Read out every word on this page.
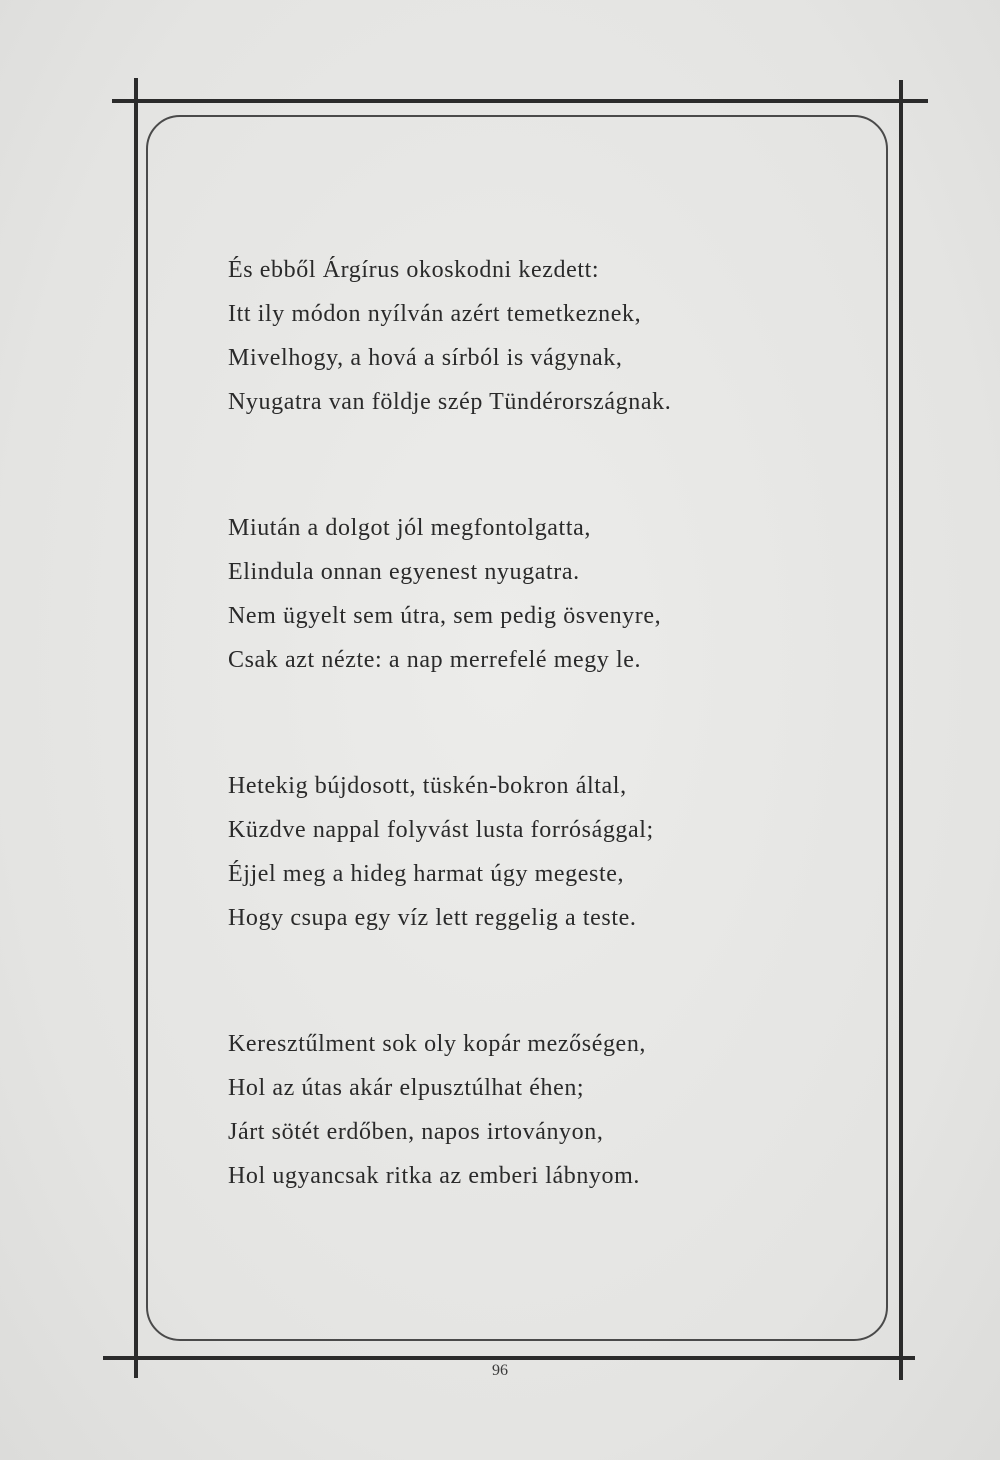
És ebből Árgírus okoskodni kezdett:
Itt ily módon nyílván azért temetkeznek,
Mivelhogy, a hová a sírból is vágynak,
Nyugatra van földje szép Tündérországnak.
Miután a dolgot jól megfontolgatta,
Elindula onnan egyenest nyugatra.
Nem ügyelt sem útra, sem pedig ösvenyre,
Csak azt nézte: a nap merrefelé megy le.
Hetekig bújdosott, tüskén-bokron által,
Küzdve nappal folyvást lusta forrósággal;
Éjjel meg a hideg harmat úgy megeste,
Hogy csupa egy víz lett reggelig a teste.
Keresztűlment sok oly kopár mezőségen,
Hol az útas akár elpusztúlhat éhen;
Járt sötét erdőben, napos irtoványon,
Hol ugyancsak ritka az emberi lábnyom.
96
